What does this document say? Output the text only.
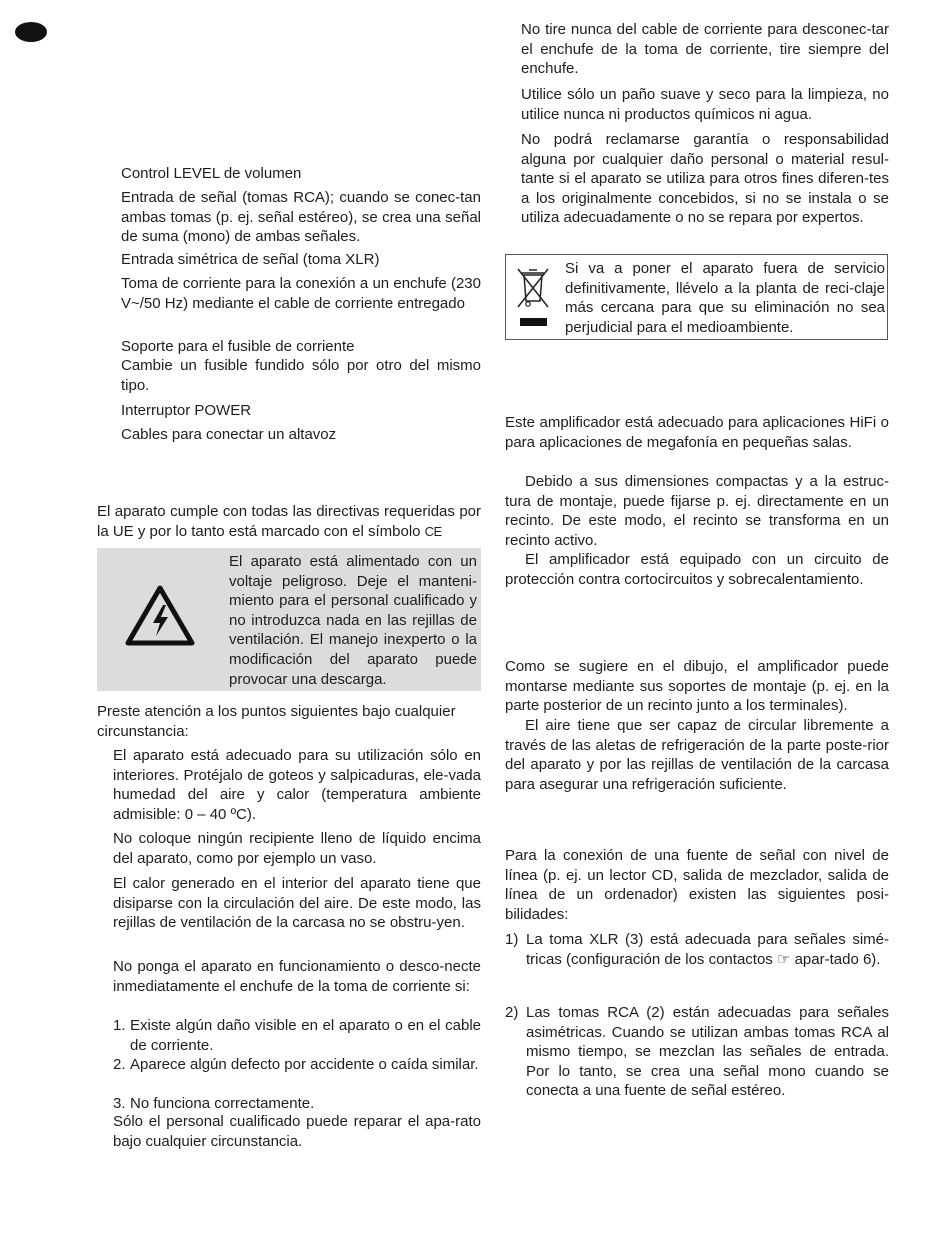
Control LEVEL de volumen

Entrada de señal (tomas RCA); cuando se conec-tan ambas tomas (p. ej. señal estéreo), se crea una señal de suma (mono) de ambas señales.

Entrada simétrica de señal (toma XLR)

Toma de corriente para la conexión a un enchufe (230 V~/50 Hz) mediante el cable de corriente entregado

Soporte para el fusible de corriente

Cambie un fusible fundido sólo por otro del mismo tipo.

Interruptor POWER

Cables para conectar un altavoz

El aparato cumple con todas las directivas requeridas por la UE y por lo tanto está marcado con el símbolo CE

El aparato está alimentado con un voltaje peligroso. Deje el manteni-miento para el personal cualificado y no introduzca nada en las rejillas de ventilación. El manejo inexperto o la modificación del aparato puede provocar una descarga.

Preste atención a los puntos siguientes bajo cualquier circunstancia:

El aparato está adecuado para su utilización sólo en interiores. Protéjalo de goteos y salpicaduras, ele-vada humedad del aire y calor (temperatura ambiente admisible: 0 – 40 ºC).

No coloque ningún recipiente lleno de líquido encima del aparato, como por ejemplo un vaso.

El calor generado en el interior del aparato tiene que disiparse con la circulación del aire. De este modo, las rejillas de ventilación de la carcasa no se obstru-yen.

No ponga el aparato en funcionamiento o desco-necte inmediatamente el enchufe de la toma de corriente si:

1. Existe algún daño visible en el aparato o en el cable de corriente.

2. Aparece algún defecto por accidente o caída similar.

3. No funciona correctamente.

Sólo el personal cualificado puede reparar el apa-rato bajo cualquier circunstancia.

No tire nunca del cable de corriente para desconec-tar el enchufe de la toma de corriente, tire siempre del enchufe.

Utilice sólo un paño suave y seco para la limpieza, no utilice nunca ni productos químicos ni agua.

No podrá reclamarse garantía o responsabilidad alguna por cualquier daño personal o material resul-tante si el aparato se utiliza para otros fines diferen-tes a los originalmente concebidos, si no se instala o se utiliza adecuadamente o no se repara por expertos.

Si va a poner el aparato fuera de servicio definitivamente, llévelo a la planta de reci-claje más cercana para que su eliminación no sea perjudicial para el medioambiente.

Este amplificador está adecuado para aplicaciones HiFi o para aplicaciones de megafonía en pequeñas salas.

Debido a sus dimensiones compactas y a la estruc-tura de montaje, puede fijarse p. ej. directamente en un recinto. De este modo, el recinto se transforma en un recinto activo.

El amplificador está equipado con un circuito de protección contra cortocircuitos y sobrecalentamiento.

Como se sugiere en el dibujo, el amplificador puede montarse mediante sus soportes de montaje (p. ej. en la parte posterior de un recinto junto a los terminales).

El aire tiene que ser capaz de circular libremente a través de las aletas de refrigeración de la parte poste-rior del aparato y por las rejillas de ventilación de la carcasa para asegurar una refrigeración suficiente.

Para la conexión de una fuente de señal con nivel de línea (p. ej. un lector CD, salida de mezclador, salida de línea de un ordenador) existen las siguientes posi-bilidades:

1) La toma XLR (3) está adecuada para señales simé-tricas (configuración de los contactos ☞ apar-tado 6).

2) Las tomas RCA (2) están adecuadas para señales asimétricas. Cuando se utilizan ambas tomas RCA al mismo tiempo, se mezclan las señales de entrada. Por lo tanto, se crea una señal mono cuando se conecta a una fuente de señal estéreo.
